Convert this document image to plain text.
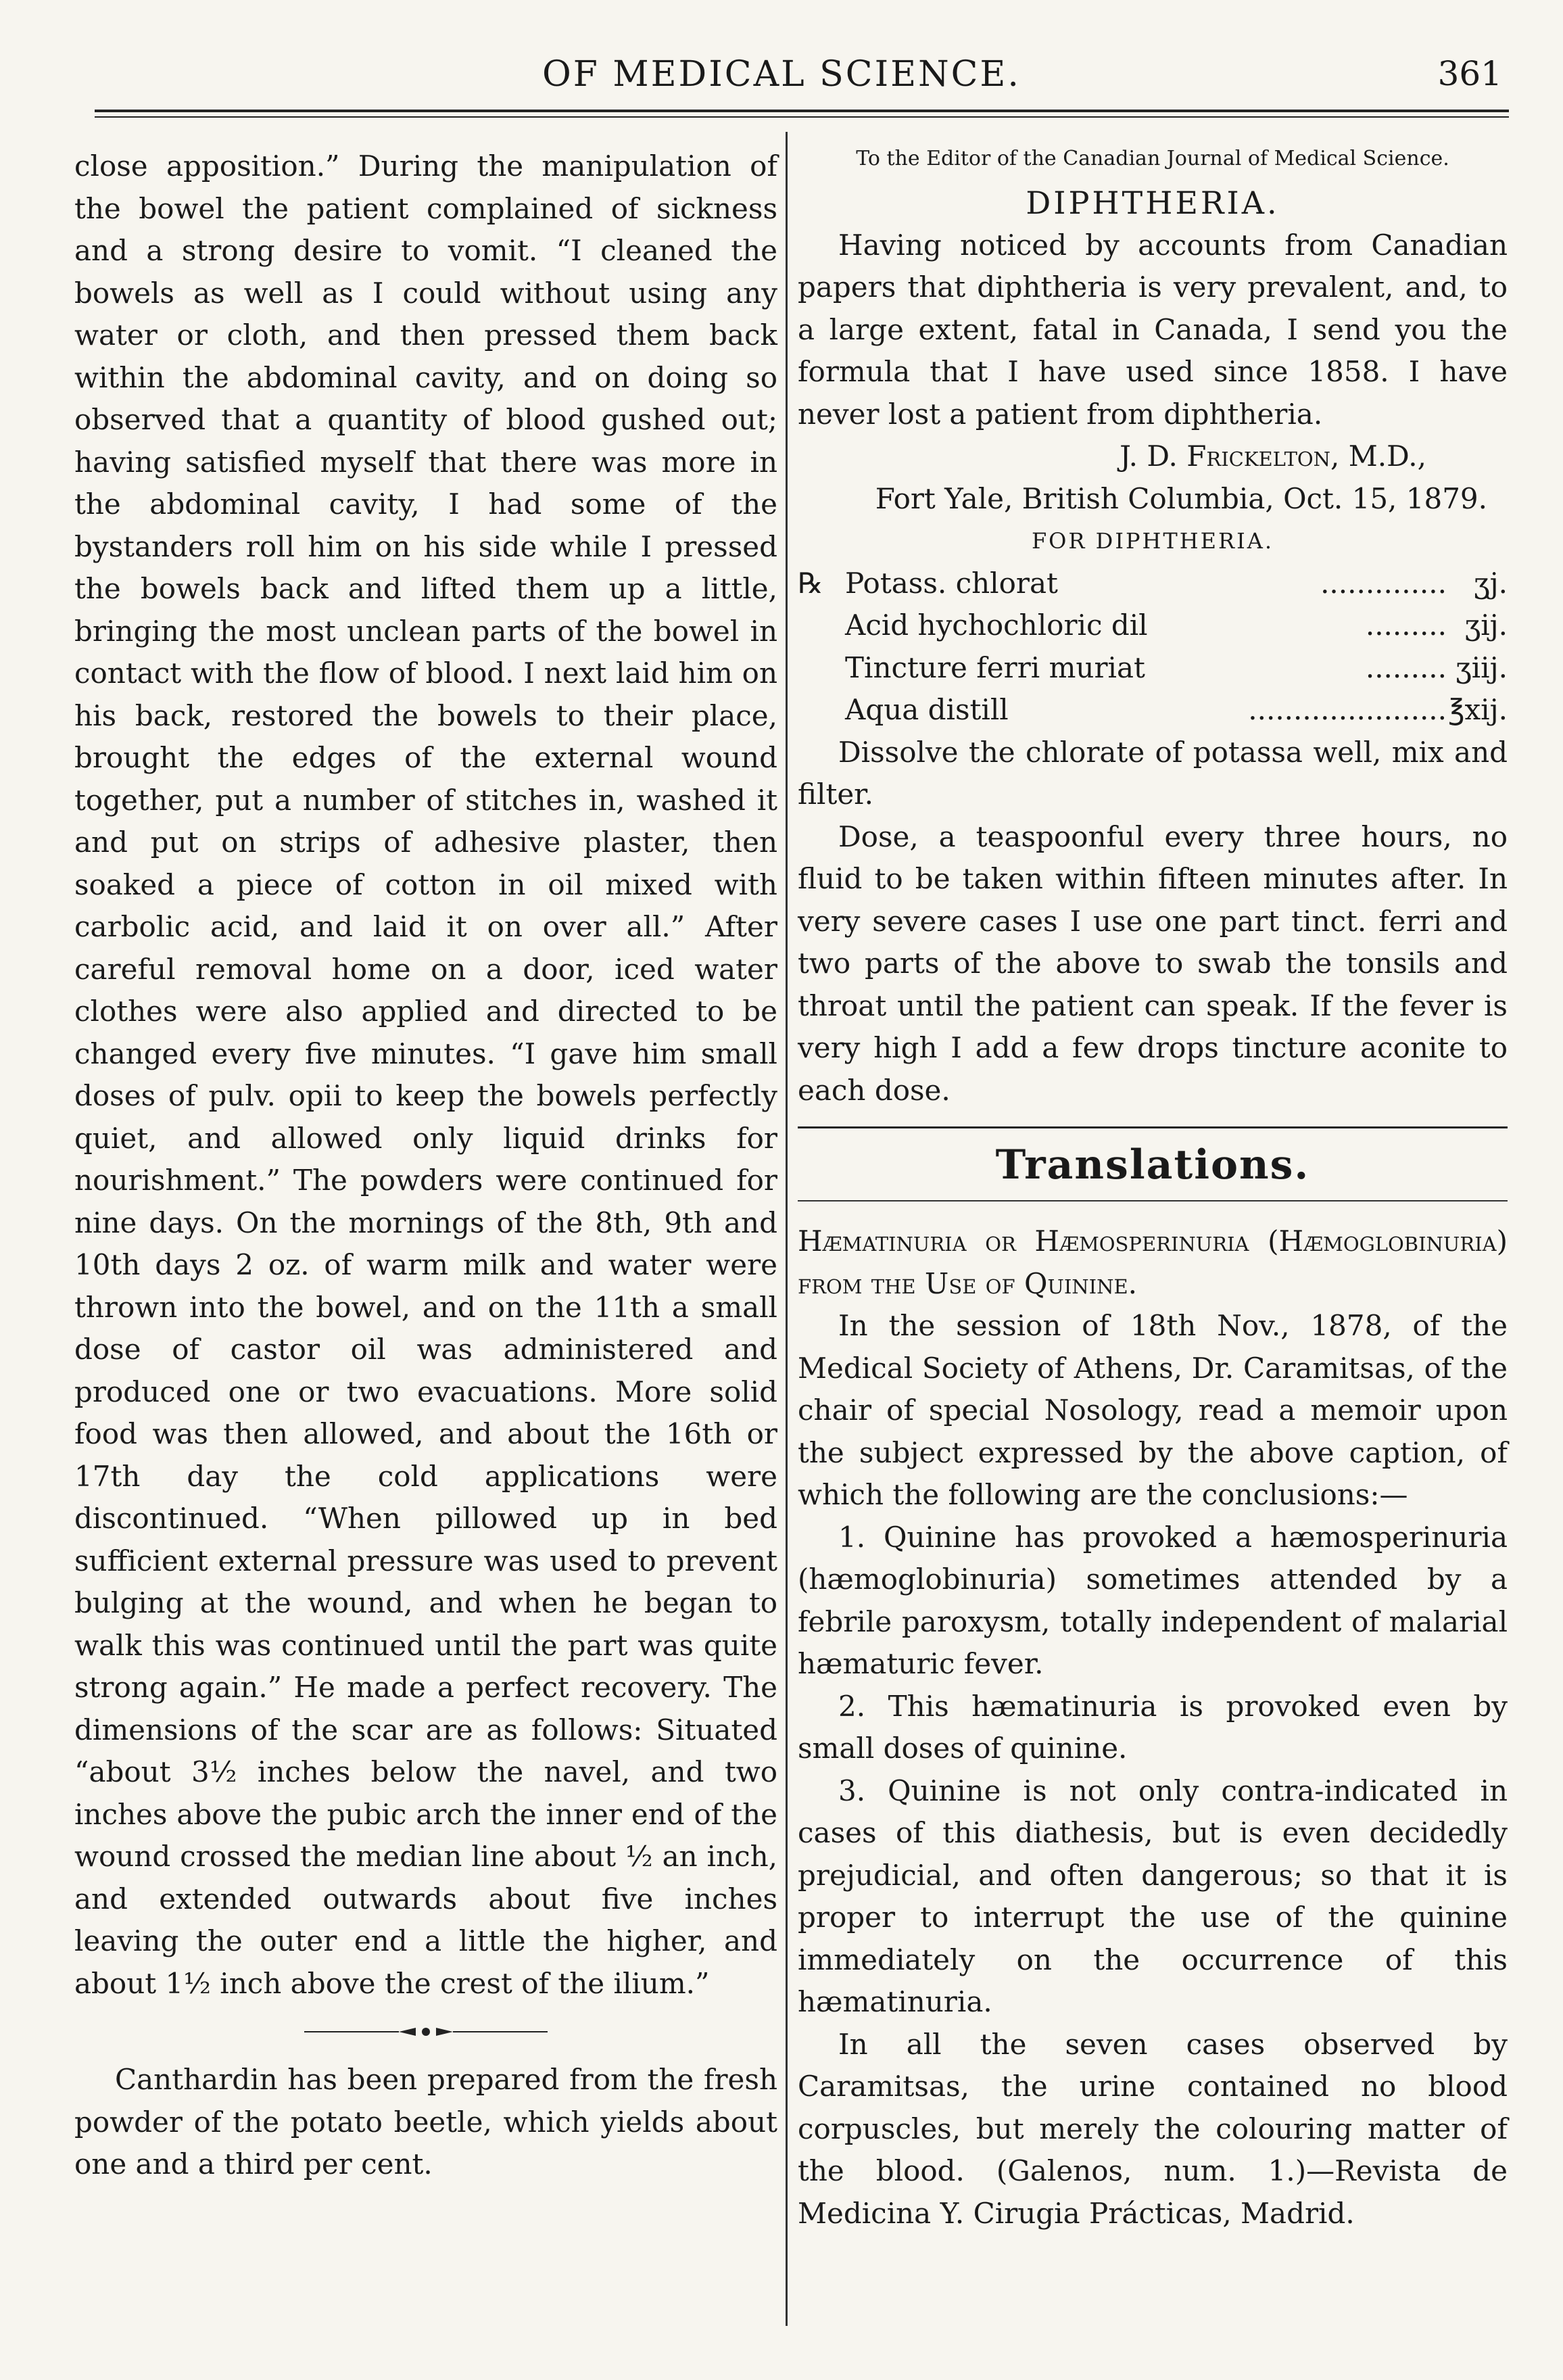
OF MEDICAL SCIENCE.	361

close apposition.” During the manipulation of the bowel the patient complained of sickness and a strong desire to vomit. “I cleaned the bowels as well as I could without using any water or cloth, and then pressed them back within the abdominal cavity, and on doing so observed that a quantity of blood gushed out; having satisfied myself that there was more in the abdominal cavity, I had some of the bystanders roll him on his side while I pressed the bowels back and lifted them up a little, bringing the most unclean parts of the bowel in contact with the flow of blood. I next laid him on his back, restored the bowels to their place, brought the edges of the external wound together, put a number of stitches in, washed it and put on strips of adhesive plaster, then soaked a piece of cotton in oil mixed with carbolic acid, and laid it on over all.” After careful removal home on a door, iced water clothes were also applied and directed to be changed every five minutes. “I gave him small doses of pulv. opii to keep the bowels perfectly quiet, and allowed only liquid drinks for nourishment.” The powders were continued for nine days. On the mornings of the 8th, 9th and 10th days 2 oz. of warm milk and water were thrown into the bowel, and on the 11th a small dose of castor oil was administered and produced one or two evacuations. More solid food was then allowed, and about the 16th or 17th day the cold applications were discontinued. “When pillowed up in bed sufficient external pressure was used to prevent bulging at the wound, and when he began to walk this was continued until the part was quite strong again.” He made a perfect recovery. The dimensions of the scar are as follows: Situated “about 3½ inches below the navel, and two inches above the pubic arch the inner end of the wound crossed the median line about ½ an inch, and extended outwards about five inches leaving the outer end a little the higher, and about 1½ inch above the crest of the ilium.”

Canthardin has been prepared from the fresh powder of the potato beetle, which yields about one and a third per cent.

To the Editor of the Canadian Journal of Medical Science.

DIPHTHERIA.

Having noticed by accounts from Canadian papers that diphtheria is very prevalent, and, to a large extent, fatal in Canada, I send you the formula that I have used since 1858. I have never lost a patient from diphtheria.

J. D. Frickelton, M.D.,

Fort Yale, British Columbia, Oct. 15, 1879.

FOR DIPHTHERIA.

℞ Potass. chlorat	.............. ʒj.
Acid hychochloric dil	......... ʒij.
Tincture ferri muriat	......... ʒiij.
Aqua distill	...................... ℥xij.

Dissolve the chlorate of potassa well, mix and filter.

Dose, a teaspoonful every three hours, no fluid to be taken within fifteen minutes after. In very severe cases I use one part tinct. ferri and two parts of the above to swab the tonsils and throat until the patient can speak. If the fever is very high I add a few drops tincture aconite to each dose.

Translations.

Hæmatinuria or Hæmosperinuria (Hæmoglobinuria) from the Use of Quinine.

In the session of 18th Nov., 1878, of the Medical Society of Athens, Dr. Caramitsas, of the chair of special Nosology, read a memoir upon the subject expressed by the above caption, of which the following are the conclusions:—

1. Quinine has provoked a hæmosperinuria (hæmoglobinuria) sometimes attended by a febrile paroxysm, totally independent of malarial hæmaturic fever.

2. This hæmatinuria is provoked even by small doses of quinine.

3. Quinine is not only contra-indicated in cases of this diathesis, but is even decidedly prejudicial, and often dangerous; so that it is proper to interrupt the use of the quinine immediately on the occurrence of this hæmatinuria.

In all the seven cases observed by Caramitsas, the urine contained no blood corpuscles, but merely the colouring matter of the blood. (Galenos, num. 1.)—Revista de Medicina Y. Cirugia Prácticas, Madrid.
